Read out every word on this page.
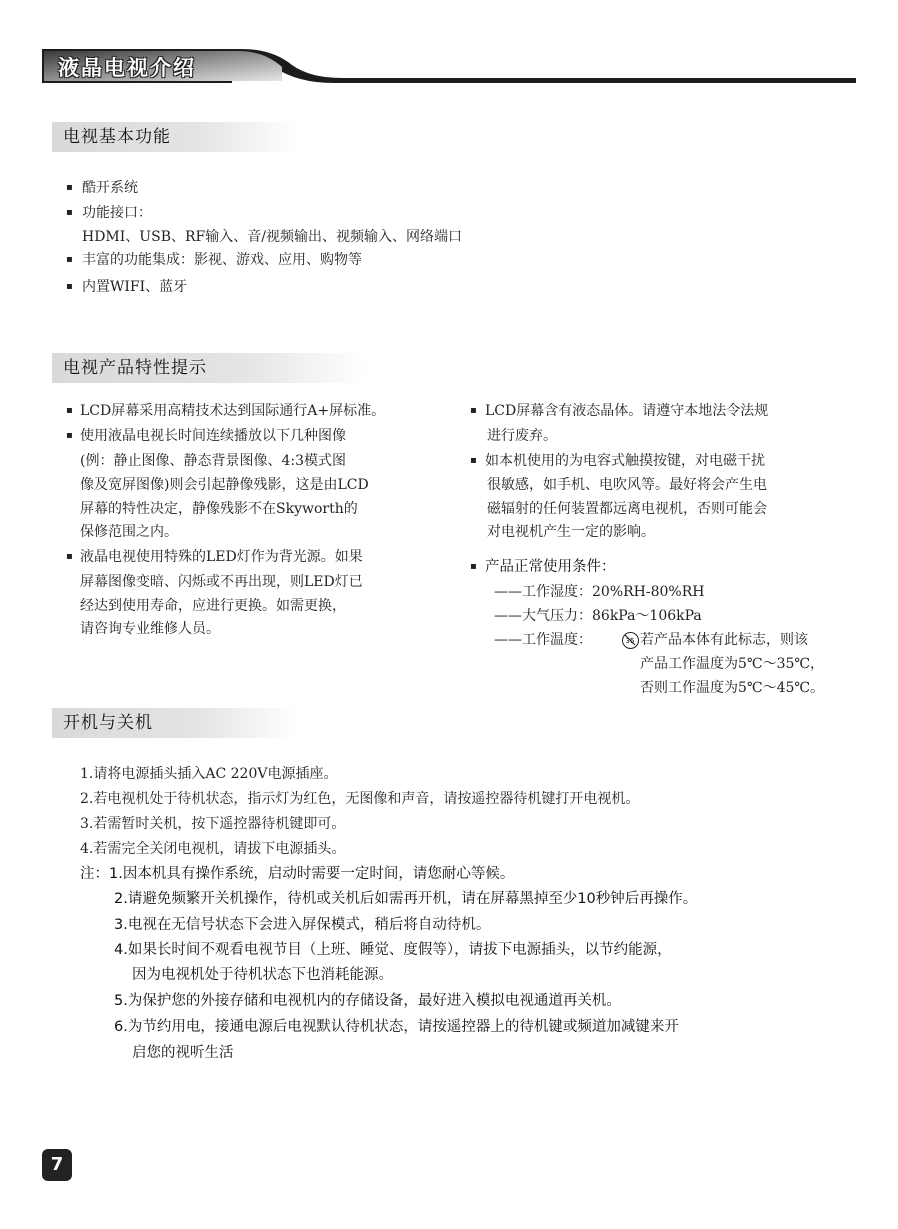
液晶电视介绍
电视基本功能
▪ 酷开系统
▪ 功能接口：
HDMI、USB、RF输入、音/视频输出、视频输入、网络端口
▪ 丰富的功能集成：影视、游戏、应用、购物等
▪ 内置WIFI、蓝牙
电视产品特性提示
▪ LCD屏幕采用高精技术达到国际通行A+屏标准。
▪ 使用液晶电视长时间连续播放以下几种图像
(例：静止图像、静态背景图像、4:3模式图
像及宽屏图像)则会引起静像残影，这是由LCD
屏幕的特性决定，静像残影不在Skyworth的
保修范围之内。
▪ 液晶电视使用特殊的LED灯作为背光源。如果
屏幕图像变暗、闪烁或不再出现，则LED灯已
经达到使用寿命，应进行更换。如需更换，
请咨询专业维修人员。
▪ LCD屏幕含有液态晶体。请遵守本地法令法规
进行废弃。
▪ 如本机使用的为电容式触摸按键，对电磁干扰
很敏感，如手机、电吹风等。最好将会产生电
磁辐射的任何装置都远离电视机，否则可能会
对电视机产生一定的影响。
▪ 产品正常使用条件：
——工作湿度：20%RH-80%RH
——大气压力：86kPa～106kPa
——工作温度：	35 若产品本体有此标志，则该
产品工作温度为5℃～35℃，
否则工作温度为5℃～45℃。
开机与关机
1.请将电源插头插入AC 220V电源插座。
2.若电视机处于待机状态，指示灯为红色，无图像和声音，请按遥控器待机键打开电视机。
3.若需暂时关机，按下遥控器待机键即可。
4.若需完全关闭电视机，请拔下电源插头。
注：1.因本机具有操作系统，启动时需要一定时间，请您耐心等候。
2.请避免频繁开关机操作，待机或关机后如需再开机，请在屏幕黑掉至少10秒钟后再操作。
3.电视在无信号状态下会进入屏保模式，稍后将自动待机。
4.如果长时间不观看电视节目（上班、睡觉、度假等），请拔下电源插头，以节约能源，
因为电视机处于待机状态下也消耗能源。
5.为保护您的外接存储和电视机内的存储设备，最好进入模拟电视通道再关机。
6.为节约用电，接通电源后电视默认待机状态，请按遥控器上的待机键或频道加减键来开
启您的视听生活
7
